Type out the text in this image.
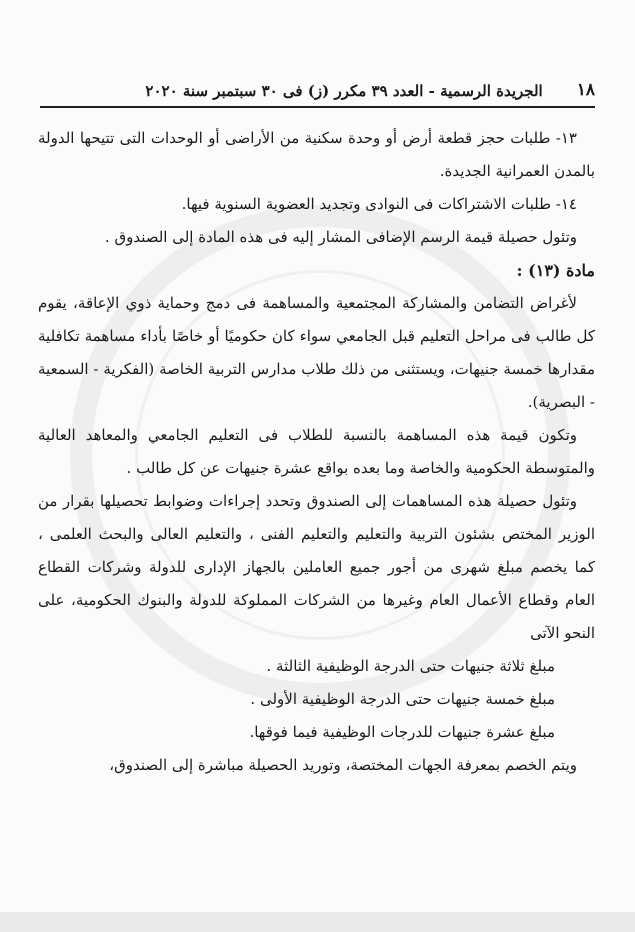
١٨
الجريدة الرسمية - العدد ٣٩ مكرر (ز) فى ٣٠ سبتمبر سنة ٢٠٢٠

١٣- طلبات حجز قطعة أرض أو وحدة سكنية من الأراضى أو الوحدات التى تتيحها الدولة بالمدن العمرانية الجديدة.

١٤- طلبات الاشتراكات فى النوادى وتجديد العضوية السنوية فيها.

وتئول حصيلة قيمة الرسم الإضافى المشار إليه فى هذه المادة إلى الصندوق .

مادة (١٣) :

لأغراض التضامن والمشاركة المجتمعية والمساهمة فى دمج وحماية ذوي الإعاقة، يقوم كل طالب فى مراحل التعليم قبل الجامعي سواء كان حكوميًا أو خاصًا بأداء مساهمة تكافلية مقدارها خمسة جنيهات، ويستثنى من ذلك طلاب مدارس التربية الخاصة (الفكرية - السمعية - البصرية).

وتكون قيمة هذه المساهمة بالنسبة للطلاب فى التعليم الجامعي والمعاهد العالية والمتوسطة الحكومية والخاصة وما بعده بواقع عشرة جنيهات عن كل طالب .

وتئول حصيلة هذه المساهمات إلى الصندوق وتحدد إجراءات وضوابط تحصيلها بقرار من الوزير المختص بشئون التربية والتعليم والتعليم الفنى ، والتعليم العالى والبحث العلمى ، كما يخصم مبلغ شهرى من أجور جميع العاملين بالجهاز الإدارى للدولة وشركات القطاع العام وقطاع الأعمال العام وغيرها من الشركات المملوكة للدولة والبنوك الحكومية، على النحو الآتى

مبلغ ثلاثة جنيهات حتى الدرجة الوظيفية الثالثة .

مبلغ خمسة جنيهات حتى الدرجة الوظيفية الأولى .

مبلغ عشرة جنيهات للدرجات الوظيفية فيما فوقها.

ويتم الخصم بمعرفة الجهات المختصة، وتوريد الحصيلة مباشرة إلى الصندوق،
